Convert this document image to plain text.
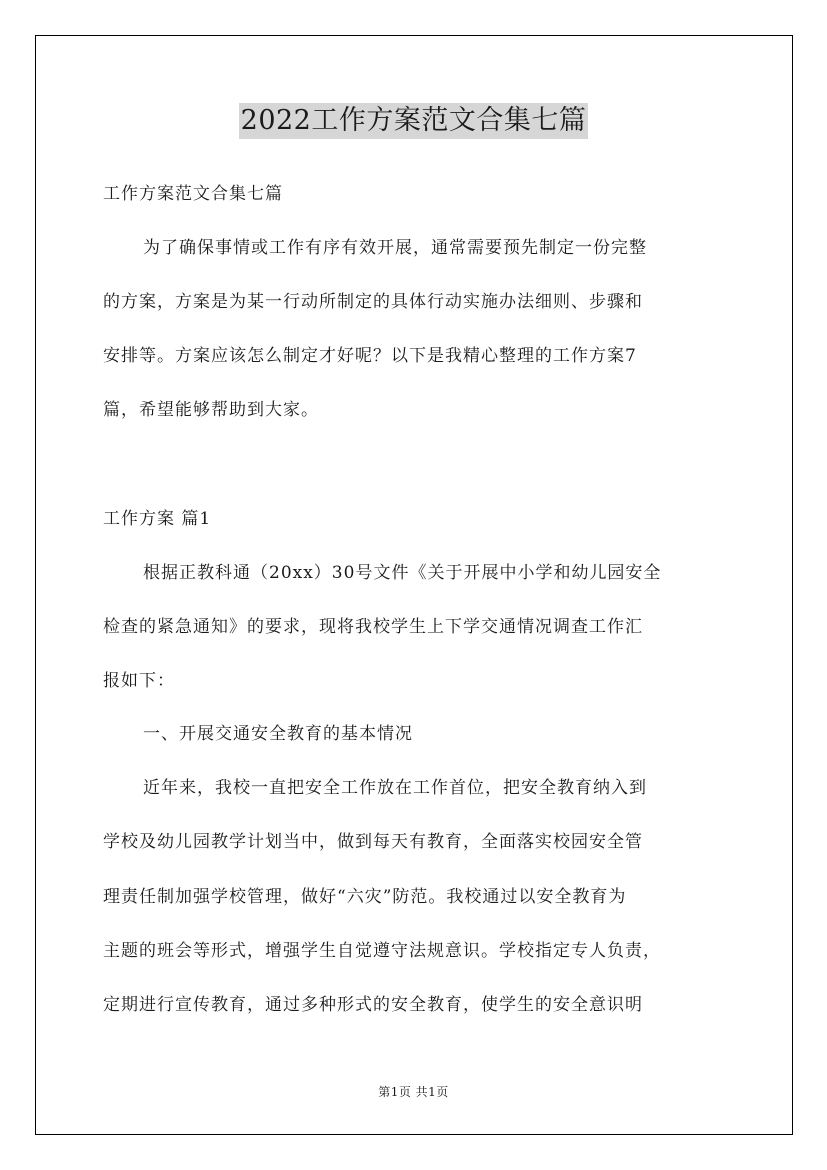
2022工作方案范文合集七篇
工作方案范文合集七篇
为了确保事情或工作有序有效开展，通常需要预先制定一份完整
的方案，方案是为某一行动所制定的具体行动实施办法细则、步骤和
安排等。方案应该怎么制定才好呢？以下是我精心整理的工作方案7
篇，希望能够帮助到大家。
工作方案 篇1
根据正教科通（20xx）30号文件《关于开展中小学和幼儿园安全
检查的紧急通知》的要求，现将我校学生上下学交通情况调查工作汇
报如下：
一、开展交通安全教育的基本情况
近年来，我校一直把安全工作放在工作首位，把安全教育纳入到
学校及幼儿园教学计划当中，做到每天有教育，全面落实校园安全管
理责任制加强学校管理，做好“六灾”防范。我校通过以安全教育为
主题的班会等形式，增强学生自觉遵守法规意识。学校指定专人负责，
定期进行宣传教育，通过多种形式的安全教育，使学生的安全意识明
第1页 共1页
